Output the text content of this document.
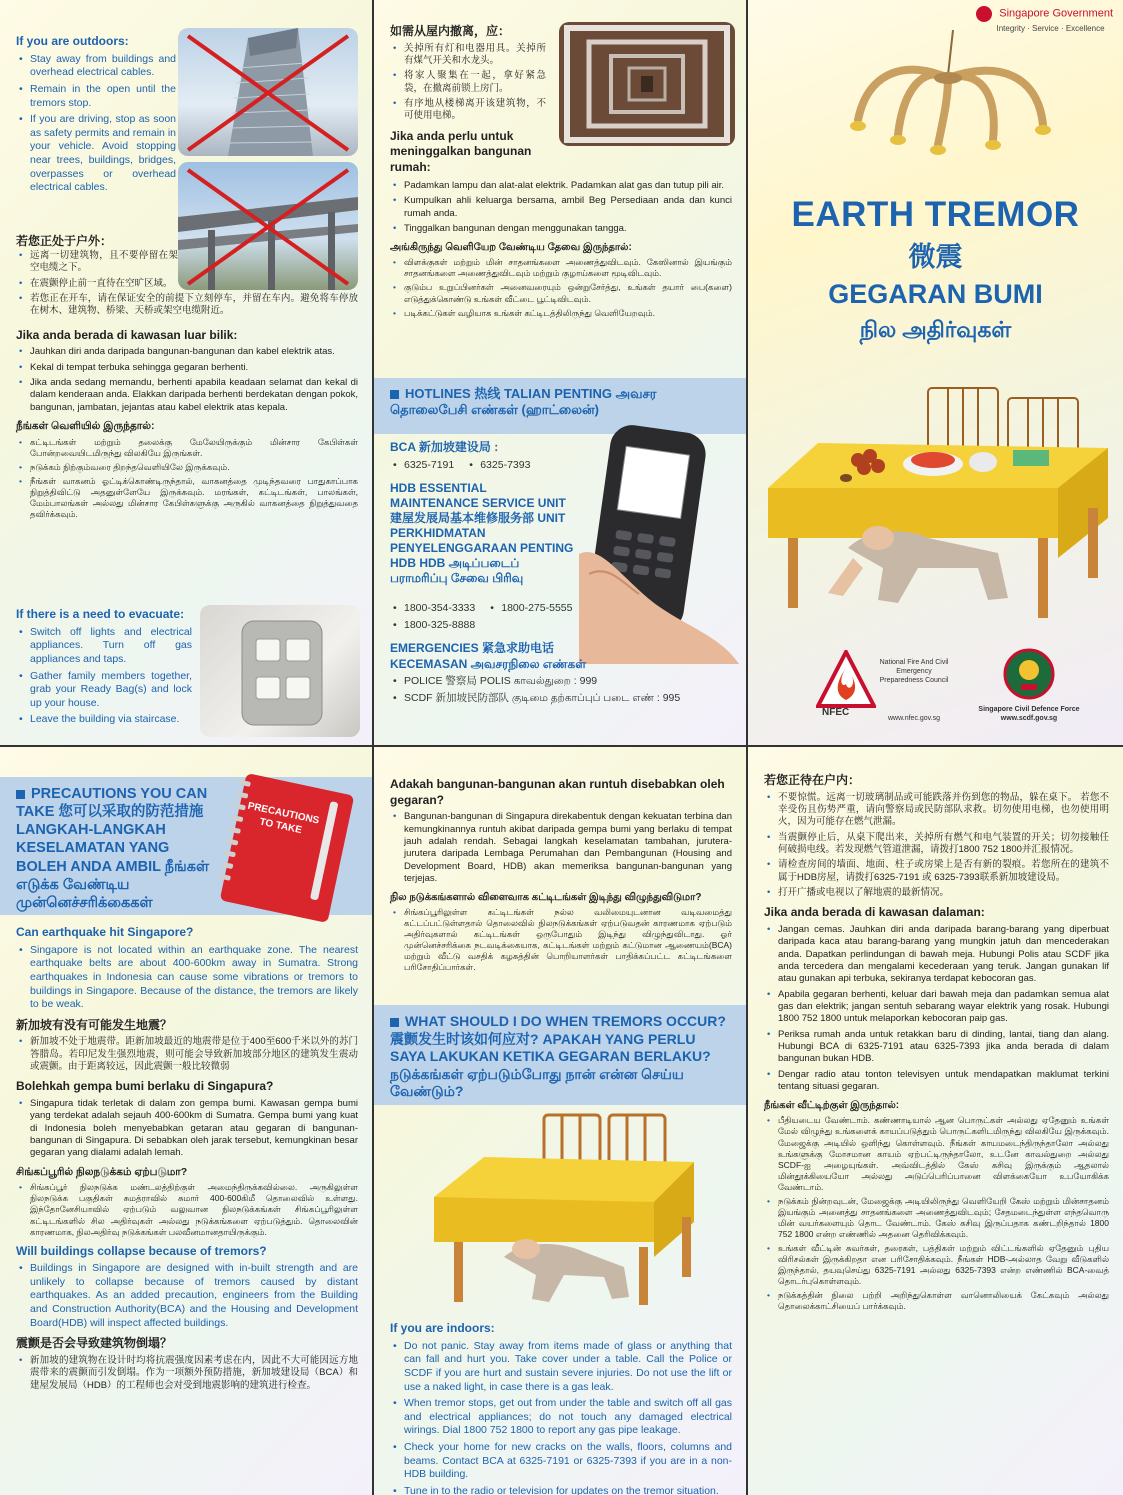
If you are outdoors:
• Stay away from buildings and overhead electrical cables.
• Remain in the open until the tremors stop.
• If you are driving, stop as soon as safety permits and remain in your vehicle. Avoid stopping near trees, buildings, bridges, overpasses or overhead electrical cables.
若您正处于户外：
• 远离一切建筑物，且不要停留在架空电缆之下。
• 在震颤停止前一直待在空旷区域。
• 若您正在开车，请在保证安全的前提下立刻停车，并留在车内。避免将车停放在树木、建筑物、桥梁、天桥或架空电缆附近。
Jika anda berada di kawasan luar bilik:
• Jauhkan diri anda daripada bangunan-bangunan dan kabel elektrik atas.
• Kekal di tempat terbuka sehingga gegaran berhenti.
• Jika anda sedang memandu, berhenti apabila keadaan selamat dan kekal di dalam kenderaan anda. Elakkan daripada berhenti berdekatan dengan pokok, bangunan, jambatan, jejantas atau kabel elektrik atas kepala.
நீங்கள் வெளியில் இருந்தால்:
• கட்டிடங்கள் மற்றும் தலைக்கு மேலேயிருக்கும் மின்சார கேபிள்கள் போன்றவையிடமிருந்து விலகியே இருங்கள்.
• நடுக்கம் நிற்கும்வரை திறந்தவெளியிலே இருக்கவும்.
• நீங்கள் வாகனம் ஓட்டிக்கொண்டிருந்தால், வாகனத்தை முடிந்தவரை பாதுகாப்பாக நிறுத்திவிட்டு அதனுள்ளேயே இருக்கவும். மரங்கள், கட்டிடங்கள், பாலங்கள், மேம்பாலங்கள் அல்லது மின்சார கேபிள்களுக்கு அருகில் வாகனத்தை நிறுத்துவதை தவிர்க்கவும்.
If there is a need to evacuate:
• Switch off lights and electrical appliances. Turn off gas appliances and taps.
• Gather family members together, grab your Ready Bag(s) and lock up your house.
• Leave the building via staircase.
如需从屋内撤离，应：
• 关掉所有灯和电器用具。关掉所有煤气开关和水龙头。
• 将家人聚集在一起，拿好紧急袋，在撤离前锁上房门。
• 有序地从楼梯离开该建筑物，不可使用电梯。
Jika anda perlu untuk meninggalkan bangunan rumah:
• Padamkan lampu dan alat-alat elektrik. Padamkan alat gas dan tutup pili air.
• Kumpulkan ahli keluarga bersama, ambil Beg Persediaan anda dan kunci rumah anda.
• Tinggalkan bangunan dengan menggunakan tangga.
அங்கிருந்து வெளியேற வேண்டிய தேவை இருந்தால்:
• விளக்குகள் மற்றும் மின் சாதனங்களை அணைத்துவிடவும். கேஸினால் இயங்கும் சாதனங்களை அணைத்துவிடவும் மற்றும் குழாய்களை மூடிவிடவும்.
• குடும்ப உறுப்பினர்கள் அனைவரையும் ஒன்றுசேர்த்து, உங்கள் தயார் பை(களை) எடுத்துக்கொண்டு உங்கள் வீட்டை பூட்டிவிடவும்.
• படிக்கட்டுகள் வழியாக உங்கள் கட்டிடத்திலிருந்து வெளியேறவும்.
HOTLINES 热线 TALIAN PENTING அவசர தொலைபேசி எண்கள் (ஹாட்லைன்)
BCA 新加坡建设局 :
• 6325-7191	• 6325-7393
HDB ESSENTIAL MAINTENANCE SERVICE UNIT 建屋发展局基本维修服务部 UNIT PERKHIDMATAN PENYELENGGARAAN PENTING HDB HDB அடிப்படைப் பராமரிப்பு சேவை பிரிவு
• 1800-354-3333	• 1800-275-5555
• 1800-325-8888
EMERGENCIES 紧急求助电话 KECEMASAN அவசரநிலை எண்கள்
• POLICE 警察局 POLIS காவல்துறை : 999
• SCDF 新加坡民防部队 குடிமை தற்காப்புப் படை எண் : 995
Singapore Government
Integrity · Service · Excellence
EARTH TREMOR
微震
GEGARAN BUMI
நில அதிர்வுகள்
NFEC
National Fire And Civil Emergency Preparedness Council
www.nfec.gov.sg
Singapore Civil Defence Force
www.scdf.gov.sg
PRECAUTIONS YOU CAN TAKE 您可以采取的防范措施 LANGKAH-LANGKAH KESELAMATAN YANG BOLEH ANDA AMBIL நீங்கள் எடுக்க வேண்டிய முன்னெச்சரிக்கைகள்
PRECAUTIONS TO TAKE
Can earthquake hit Singapore?
• Singapore is not located within an earthquake zone. The nearest earthquake belts are about 400-600km away in Sumatra. Strong earthquakes in Indonesia can cause some vibrations or tremors to buildings in Singapore. Because of the distance, the tremors are likely to be weak.
新加坡有没有可能发生地震？
• 新加坡不处于地震带。距新加坡最近的地震带是位于400至600千米以外的苏门答腊岛。若印尼发生强烈地震，则可能会导致新加坡部分地区的建筑发生震动或震颤。由于距离较远，因此震颤一般比较微弱
Bolehkah gempa bumi berlaku di Singapura?
• Singapura tidak terletak di dalam zon gempa bumi. Kawasan gempa bumi yang terdekat adalah sejauh 400-600km di Sumatra. Gempa bumi yang kuat di Indonesia boleh menyebabkan getaran atau gegaran di bangunan-bangunan di Singapura. Di sebabkan oleh jarak tersebut, kemungkinan besar gegaran yang dialami adalah lemah.
சிங்கப்பூரில் நிலநடுக்கம் ஏற்படுமா?
• சிங்கப்பூர் நிலநடுக்க மண்டலத்திற்குள் அமைந்திருக்கவில்லை. அருகிலுள்ள நிலநடுக்க பகுதிகள் சுமத்ராவில் சுமார் 400-600கிமீ தொலைவில் உள்ளது. இந்தோனேசியாவில் ஏற்படும் வலுவான நிலநடுக்கங்கள் சிங்கப்பூரிலுள்ள கட்டிடங்களில் சில அதிர்வுகள் அல்லது நடுக்கங்களை ஏற்படுத்தும். தொலைவின் காரணமாக, நிலஅதிர்வு நடுக்கங்கள் பலவீனமானதாயிருக்கும்.
Will buildings collapse because of tremors?
• Buildings in Singapore are designed with in-built strength and are unlikely to collapse because of tremors caused by distant earthquakes. As an added precaution, engineers from the Building and Construction Authority(BCA) and the Housing and Development Board(HDB) will inspect affected buildings.
震颤是否会导致建筑物倒塌？
• 新加坡的建筑物在设计时均将抗震强度因素考虑在内，因此不大可能因远方地震带来的震颤而引发倒塌。作为一项额外预防措施，新加坡建设局（BCA）和建屋发展局（HDB）的工程师也会对受到地震影响的建筑进行检查。
Adakah bangunan-bangunan akan runtuh disebabkan oleh gegaran?
• Bangunan-bangunan di Singapura direkabentuk dengan kekuatan terbina dan kemungkinannya runtuh akibat daripada gempa bumi yang berlaku di tempat jauh adalah rendah. Sebagai langkah keselamatan tambahan, jurutera-jurutera daripada Lembaga Perumahan dan Pembangunan (Housing and Development Board, HDB) akan memeriksa bangunan-bangunan yang terjejas.
நில நடுக்கங்களால் விளைவாக கட்டிடங்கள் இடிந்து விழுந்துவிடுமா?
• சிங்கப்பூரிலுள்ள கட்டிடங்கள் நல்ல வலிமையுடனான வடிவமைத்து கட்டப்பட்டுள்ளதால் தொலைவில் நிலநடுக்கங்கள் ஏற்படுவதன் காரணமாக ஏற்படும் அதிர்வுகளால் கட்டிடங்கள் ஒருபோதும் இடிந்து விழுந்துவிடாது. ஓர் முன்னெச்சரிக்கை நடவடிக்கையாக, கட்டிடங்கள் மற்றும் கட்டுமான ஆணையம்(BCA) மற்றும் வீட்டு வசதிக் கழகத்தின் பொறியாளர்கள் பாதிக்கப்பட்ட கட்டிடங்களை பரிசோதிப்பார்கள்.
WHAT SHOULD I DO WHEN TREMORS OCCUR? 震颤发生时该如何应对? APAKAH YANG PERLU SAYA LAKUKAN KETIKA GEGARAN BERLAKU? நடுக்கங்கள் ஏற்படும்போது நான் என்ன செய்ய வேண்டும்?
If you are indoors:
• Do not panic. Stay away from items made of glass or anything that can fall and hurt you. Take cover under a table. Call the Police or SCDF if you are hurt and sustain severe injuries. Do not use the lift or use a naked light, in case there is a gas leak.
• When tremor stops, get out from under the table and switch off all gas and electrical appliances; do not touch any damaged electrical wirings. Dial 1800 752 1800 to report any gas pipe leakage.
• Check your home for new cracks on the walls, floors, columns and beams. Contact BCA at 6325-7191 or 6325-7393 if you are in a non-HDB building.
• Tune in to the radio or television for updates on the tremor situation.
若您正待在户内：
• 不要惊慌。远离一切玻璃制品或可能跌落并伤到您的物品，躲在桌下。 若您不幸受伤且伤势严重，请向警察局或民防部队求救。切勿使用电梯，也勿使用明火，因为可能存在燃气泄漏。
• 当震颤停止后，从桌下爬出来，关掉所有燃气和电气装置的开关；切勿接触任何破损电线。若发现燃气管道泄漏，请拨打1800 752 1800并汇报情况。
• 请检查房间的墙面、地面、柱子或房梁上是否有新的裂痕。若您所在的建筑不属于HDB房屋，请拨打6325-7191 或 6325-7393联系新加坡建设局。
• 打开广播或电视以了解地震的最新情况。
Jika anda berada di kawasan dalaman:
• Jangan cemas. Jauhkan diri anda daripada barang-barang yang diperbuat daripada kaca atau barang-barang yang mungkin jatuh dan mencederakan anda. Dapatkan perlindungan di bawah meja. Hubungi Polis atau SCDF jika anda tercedera dan mengalami kecederaan yang teruk. Jangan gunakan lif atau gunakan api terbuka, sekiranya terdapat kebocoran gas.
• Apabila gegaran berhenti, keluar dari bawah meja dan padamkan semua alat gas dan elektrik; jangan sentuh sebarang wayar elektrik yang rosak. Hubungi 1800 752 1800 untuk melaporkan kebocoran paip gas.
• Periksa rumah anda untuk retakkan baru di dinding, lantai, tiang dan alang. Hubungi BCA di 6325-7191 atau 6325-7393 jika anda berada di dalam bangunan bukan HDB.
• Dengar radio atau tonton televisyen untuk mendapatkan maklumat terkini tentang situasi gegaran.
நீங்கள் வீட்டிற்குள் இருந்தால்:
• பீதியடைய வேண்டாம். கண்ணாடியால் ஆன பொருட்கள் அல்லது ஏதேனும் உங்கள் மேல் விழுந்து உங்களைக் காயப்படுத்தும் பொருட்களிடமிருந்து விலகியே இருக்கவும். மேஜைக்கு அடியில் ஒளிந்து கொள்ளவும். நீங்கள் காயமடைந்திருந்தாலோ அல்லது உங்களுக்கு மோசமான காயம் ஏற்பட்டிருந்தாலோ, உடனே காவல்துறை அல்லது SCDF-ஐ அழையுங்கள். அவ்விடத்தில் கேஸ் கசிவு இருக்கும் ஆதலால் மின்தூக்கியையோ அல்லது அடுப்பெரிப்பானை விளக்கையோ உபயோகிக்க வேண்டாம்.
• நடுக்கம் நின்றவுடன், மேஜைக்கு அடியிலிருந்து வெளியேறி கேஸ் மற்றும் மின்சாதனம் இயங்கும் அனைத்து சாதனங்களை அணைத்துவிடவும்; சேதமடைந்துள்ள எந்தவொரு மின் வயர்களையும் தொட வேண்டாம். கேஸ் கசிவு இருப்பதாக கண்டறிந்தால் 1800 752 1800 என்ற எண்ணில் அதனை தெரிவிக்கவும்.
• உங்கள் வீட்டின் சுவர்கள், தரைகள், பத்திகள் மற்றும் விட்டங்களில் ஏதேனும் புதிய விரிசல்கள் இருக்கிறதா என பரிசோதிக்கவும். நீங்கள் HDB-அல்லாத வேறு வீடுகளில் இருந்தால், தயவுசெய்து 6325-7191 அல்லது 6325-7393 என்ற எண்ணில் BCA-வைத் தொடர்புகொள்ளவும்.
• நடுக்கத்தின் நிலை பற்றி அறிந்துகொள்ள வானொலியைக் கேட்கவும் அல்லது தொலைக்காட்சியைப் பார்க்கவும்.
